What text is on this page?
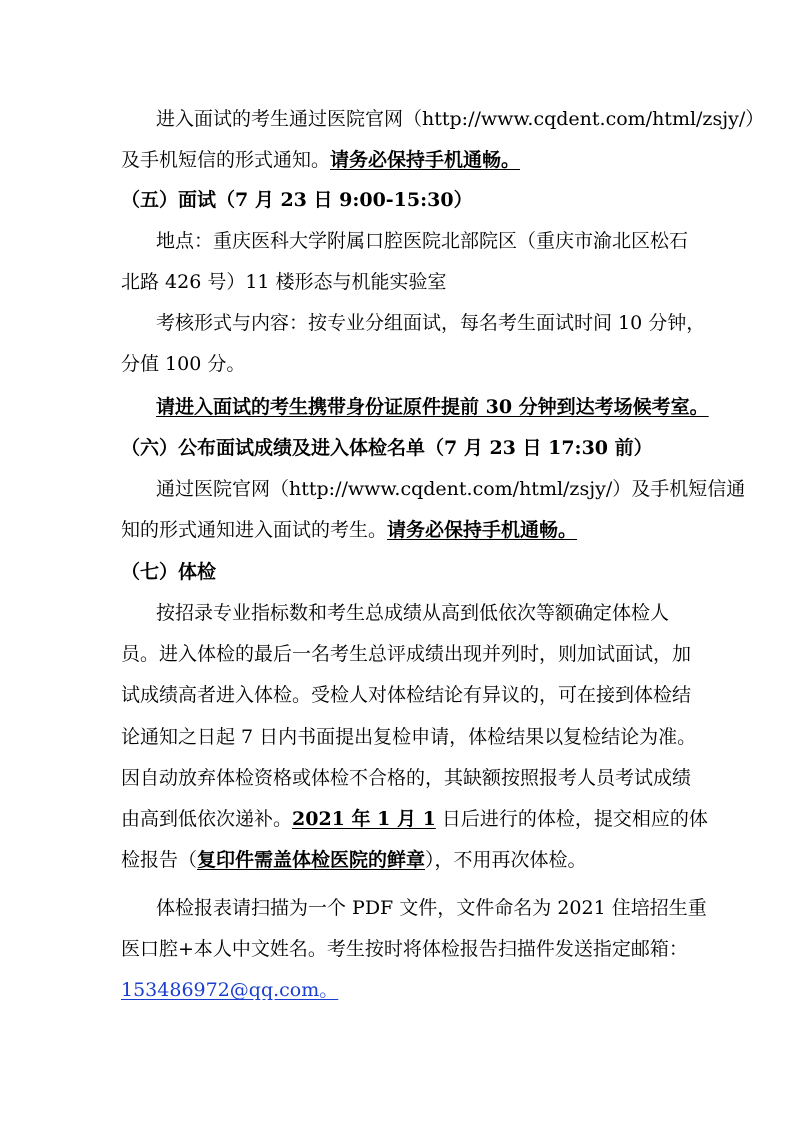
进入面试的考生通过医院官网（http://www.cqdent.com/html/zsjy/）
及手机短信的形式通知。请务必保持手机通畅。
（五）面试（7 月 23 日 9:00-15:30）
地点：重庆医科大学附属口腔医院北部院区（重庆市渝北区松石
北路 426 号）11 楼形态与机能实验室
考核形式与内容：按专业分组面试，每名考生面试时间 10 分钟，
分值 100 分。
请进入面试的考生携带身份证原件提前 30 分钟到达考场候考室。
（六）公布面试成绩及进入体检名单（7 月 23 日 17:30 前）
通过医院官网（http://www.cqdent.com/html/zsjy/）及手机短信通
知的形式通知进入面试的考生。请务必保持手机通畅。
（七）体检
按招录专业指标数和考生总成绩从高到低依次等额确定体检人
员。进入体检的最后一名考生总评成绩出现并列时，则加试面试，加
试成绩高者进入体检。受检人对体检结论有异议的，可在接到体检结
论通知之日起 7 日内书面提出复检申请，体检结果以复检结论为准。
因自动放弃体检资格或体检不合格的，其缺额按照报考人员考试成绩
由高到低依次递补。2021 年 1 月 1 日后进行的体检，提交相应的体
检报告（复印件需盖体检医院的鲜章），不用再次体检。
体检报表请扫描为一个 PDF 文件，文件命名为 2021 住培招生重
医口腔+本人中文姓名。考生按时将体检报告扫描件发送指定邮箱：
153486972@qq.com。
